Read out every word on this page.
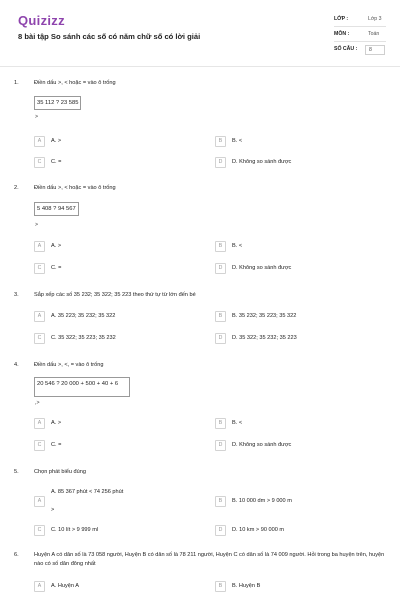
Quizizz
8 bài tập So sánh các số có năm chữ số có lời giải
LỚP :	Lớp 3
MÔN :	Toán
SỐ CÂU :	8
1.	Điền dấu >, < hoặc = vào ô trống
35 112 ? 23 585
>
A	A. >	B	B. <
C	C. =	D	D. Không so sánh được
2.	Điền dấu >, < hoặc = vào ô trống
5 408 ? 94 567
>
A	A. >	B	B. <
C	C. =	D	D. Không so sánh được
3.	Sắp xếp các số 35 232; 35 322; 35 223 theo thứ tự từ lớn đến bé
A	A. 35 223; 35 232; 35 322	B	B. 35 232; 35 223; 35 322
C	C. 35 322; 35 223; 35 232	D	D. 35 322; 35 232; 35 223
4.	Điền dấu >, <, = vào ô trống
20 546 ? 20 000 + 500 + 40 + 6
,>
A	A. >	B	B. <
C	C. =	D	D. Không so sánh được
5.	Chọn phát biểu đúng
A
A. 85 367 phút < 74 256 phút
>
B	B. 10 000 dm > 9 000 m
C	C. 10 lít > 9 999 ml	D	D. 10 km > 90 000 m
6.	Huyện A có dân số là 73 058 người, Huyện B có dân số là 78 211 người, Huyện C có dân số là 74 009 người. Hỏi trong ba huyện trên, huyện nào có số dân đông nhất
A	A. Huyện A	B	B. Huyện B
